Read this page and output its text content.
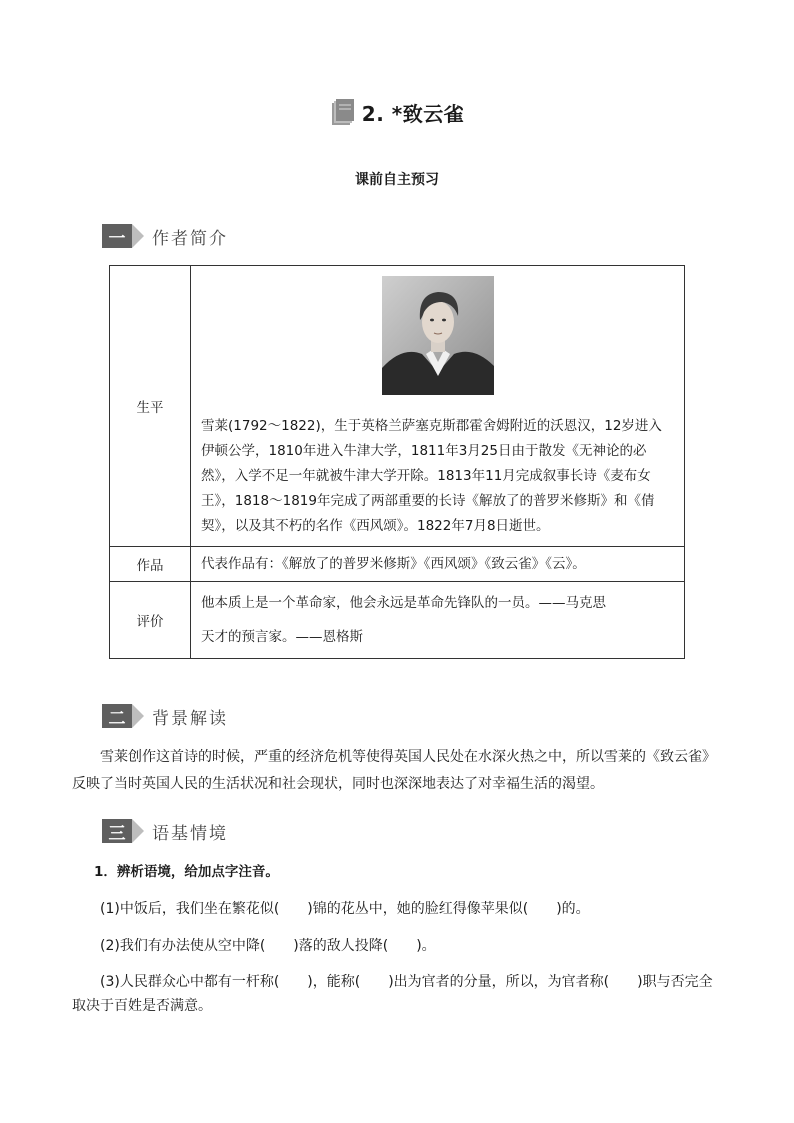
2. *致云雀
课前自主预习
一	作者简介
生平	雪莱(1792～1822)，生于英格兰萨塞克斯郡霍舍姆附近的沃恩汉，12岁进入伊顿公学，1810年进入牛津大学，1811年3月25日由于散发《无神论的必然》，入学不足一年就被牛津大学开除。1813年11月完成叙事长诗《麦布女王》，1818～1819年完成了两部重要的长诗《解放了的普罗米修斯》和《倩契》，以及其不朽的名作《西风颂》。1822年7月8日逝世。

作品	代表作品有：《解放了的普罗米修斯》《西风颂》《致云雀》《云》。
评价	他本质上是一个革命家，他会永远是革命先锋队的一员。——马克思
天才的预言家。——恩格斯
二	背景解读
雪莱创作这首诗的时候，严重的经济危机等使得英国人民处在水深火热之中，所以雪莱的《致云雀》反映了当时英国人民的生活状况和社会现状，同时也深深地表达了对幸福生活的渴望。
三	语基情境
1．辨析语境，给加点字注音。
(1)中饭后，我们坐在繁花似(　　)锦的花丛中，她的脸红得像苹果似(　　)的。
(2)我们有办法使从空中降(　　)落的敌人投降(　　)。
(3)人民群众心中都有一杆称(　　)，能称(　　)出为官者的分量，所以，为官者称(　　)职与否完全取决于百姓是否满意。
